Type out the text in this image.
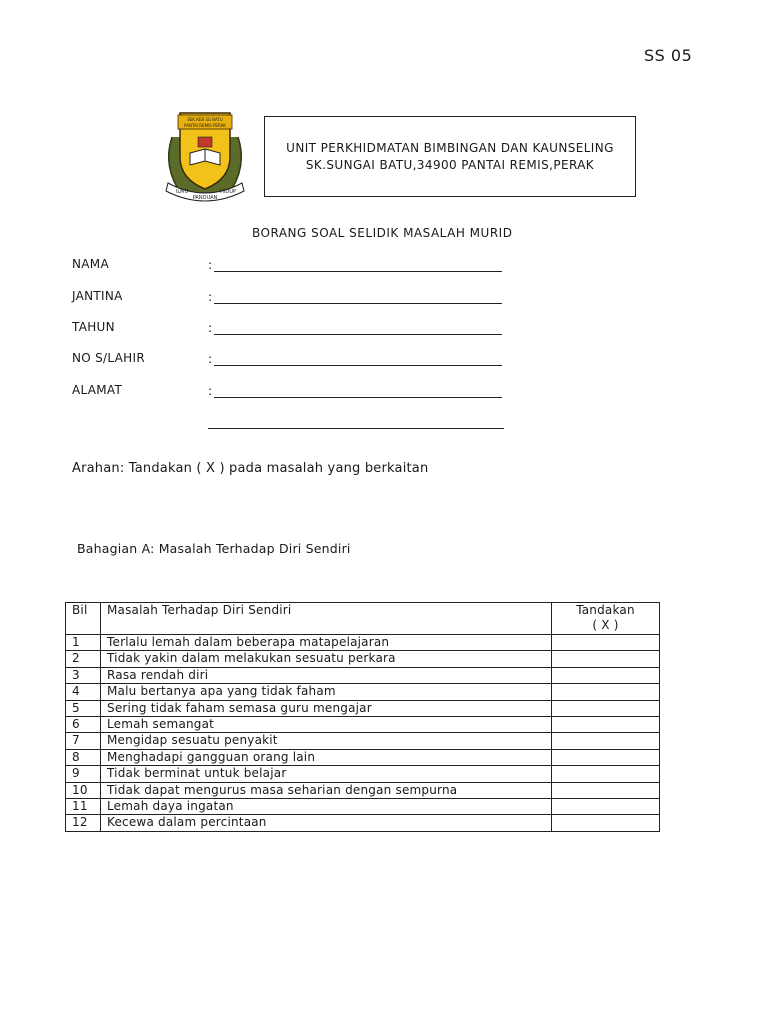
SS 05
SEK KEB SG BATU
PANTAI REMIS PERAK
ILMU
PANDUAN
HIDUP
UNIT PERKHIDMATAN BIMBINGAN DAN KAUNSELING
SK.SUNGAI BATU,34900 PANTAI REMIS,PERAK
BORANG SOAL SELIDIK MASALAH MURID
NAMA	:
JANTINA	:
TAHUN	:
NO S/LAHIR	:
ALAMAT	:
Arahan: Tandakan ( X ) pada masalah yang berkaitan
Bahagian A: Masalah Terhadap Diri Sendiri
Bil	Masalah Terhadap Diri Sendiri	Tandakan
( X )

1	Terlalu lemah dalam beberapa matapelajaran	
2	Tidak yakin dalam melakukan sesuatu perkara	
3	Rasa rendah diri	
4	Malu bertanya apa yang tidak faham	
5	Sering tidak faham semasa guru mengajar	
6	Lemah semangat	
7	Mengidap sesuatu penyakit	
8	Menghadapi gangguan orang lain	
9	Tidak berminat untuk belajar	
10	Tidak dapat mengurus masa seharian dengan sempurna	
11	Lemah daya ingatan	
12	Kecewa dalam percintaan	
